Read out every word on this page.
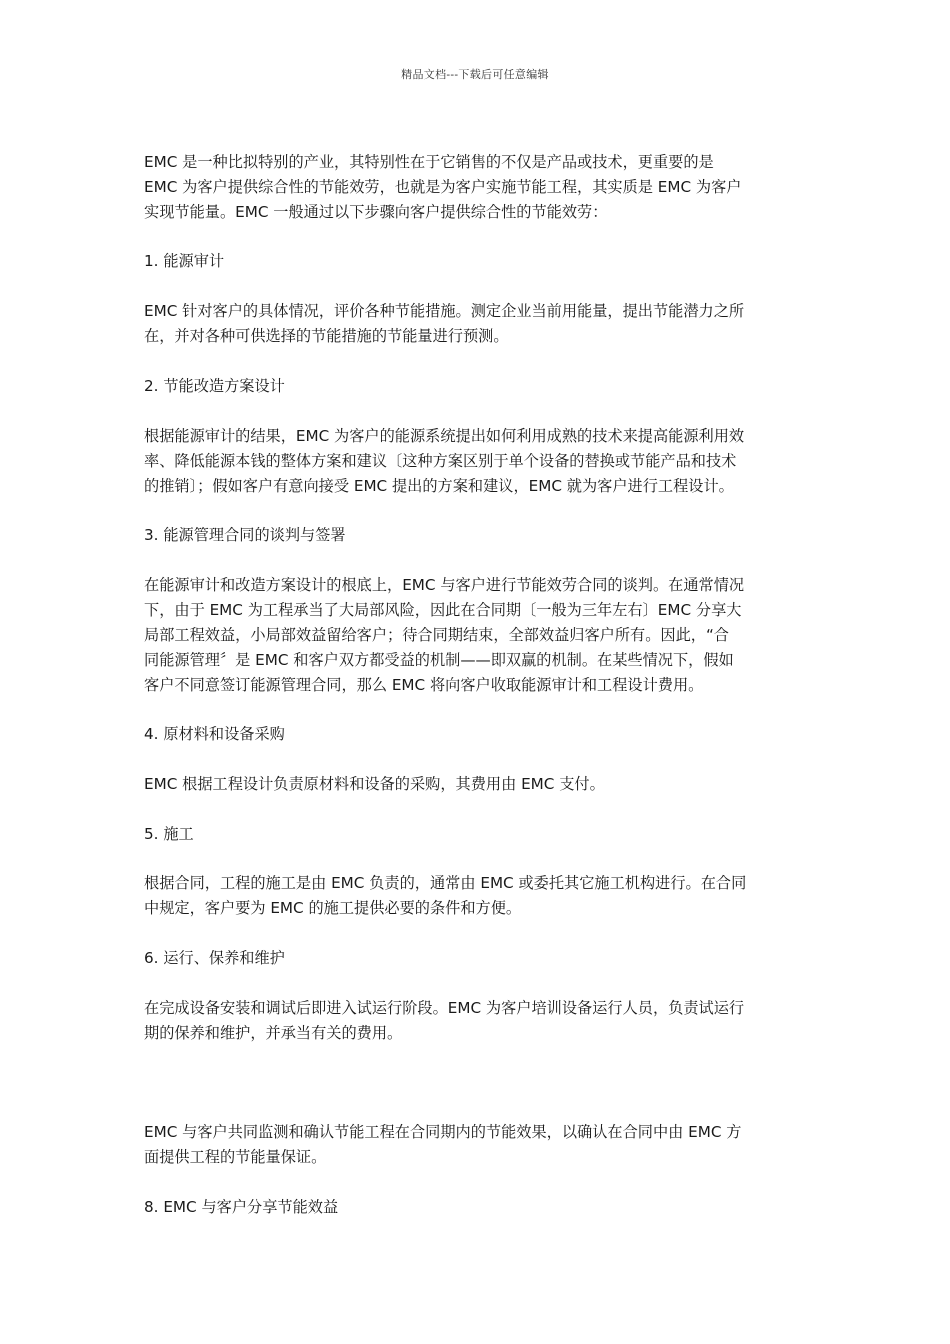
精品文档---下载后可任意编辑

EMC 是一种比拟特别的产业，其特别性在于它销售的不仅是产品或技术，更重要的是
EMC 为客户提供综合性的节能效劳，也就是为客户实施节能工程，其实质是 EMC 为客户
实现节能量。EMC 一般通过以下步骤向客户提供综合性的节能效劳：

1. 能源审计

EMC 针对客户的具体情况，评价各种节能措施。测定企业当前用能量，提出节能潜力之所
在，并对各种可供选择的节能措施的节能量进行预测。

2. 节能改造方案设计

根据能源审计的结果，EMC 为客户的能源系统提出如何利用成熟的技术来提高能源利用效
率、降低能源本钱的整体方案和建议〔这种方案区别于单个设备的替换或节能产品和技术
的推销〕；假如客户有意向接受 EMC 提出的方案和建议，EMC 就为客户进行工程设计。

3. 能源管理合同的谈判与签署

在能源审计和改造方案设计的根底上，EMC 与客户进行节能效劳合同的谈判。在通常情况
下，由于 EMC 为工程承当了大局部风险，因此在合同期〔一般为三年左右〕EMC 分享大
局部工程效益，小局部效益留给客户；待合同期结束，全部效益归客户所有。因此，“合
同能源管理〞是 EMC 和客户双方都受益的机制——即双赢的机制。在某些情况下，假如
客户不同意签订能源管理合同，那么 EMC 将向客户收取能源审计和工程设计费用。

4. 原材料和设备采购

EMC 根据工程设计负责原材料和设备的采购，其费用由 EMC 支付。

5. 施工

根据合同，工程的施工是由 EMC 负责的，通常由 EMC 或委托其它施工机构进行。在合同
中规定，客户要为 EMC 的施工提供必要的条件和方便。

6. 运行、保养和维护

在完成设备安装和调试后即进入试运行阶段。EMC 为客户培训设备运行人员，负责试运行
期的保养和维护，并承当有关的费用。

EMC 与客户共同监测和确认节能工程在合同期内的节能效果，以确认在合同中由 EMC 方
面提供工程的节能量保证。

8. EMC 与客户分享节能效益
